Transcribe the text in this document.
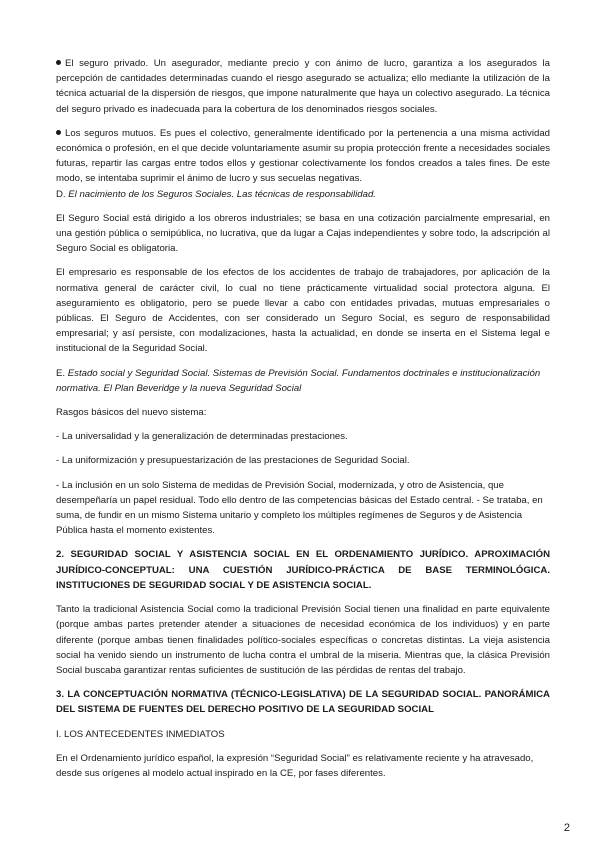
El seguro privado. Un asegurador, mediante precio y con ánimo de lucro, garantiza a los asegurados la percepción de cantidades determinadas cuando el riesgo asegurado se actualiza; ello mediante la utilización de la técnica actuarial de la dispersión de riesgos, que impone naturalmente que haya un colectivo asegurado. La técnica del seguro privado es inadecuada para la cobertura de los denominados riesgos sociales.

Los seguros mutuos. Es pues el colectivo, generalmente identificado por la pertenencia a una misma actividad económica o profesión, en el que decide voluntariamente asumir su propia protección frente a necesidades sociales futuras, repartir las cargas entre todos ellos y gestionar colectivamente los fondos creados a tales fines. De este modo, se intentaba suprimir el ánimo de lucro y sus secuelas negativas.

D. El nacimiento de los Seguros Sociales. Las técnicas de responsabilidad.

El Seguro Social está dirigido a los obreros industriales; se basa en una cotización parcialmente empresarial, en una gestión pública o semipública, no lucrativa, que da lugar a Cajas independientes y sobre todo, la adscripción al Seguro Social es obligatoria.

El empresario es responsable de los efectos de los accidentes de trabajo de trabajadores, por aplicación de la normativa general de carácter civil, lo cual no tiene prácticamente virtualidad social protectora alguna. El aseguramiento es obligatorio, pero se puede llevar a cabo con entidades privadas, mutuas empresariales o públicas. El Seguro de Accidentes, con ser considerado un Seguro Social, es seguro de responsabilidad empresarial; y así persiste, con modalizaciones, hasta la actualidad, en donde se inserta en el Sistema legal e institucional de la Seguridad Social.

E. Estado social y Seguridad Social. Sistemas de Previsión Social. Fundamentos doctrinales e institucionalización normativa. El Plan Beveridge y la nueva Seguridad Social

Rasgos básicos del nuevo sistema:

- La universalidad y la generalización de determinadas prestaciones.

- La uniformización y presupuestarización de las prestaciones de Seguridad Social.

- La inclusión en un solo Sistema de medidas de Previsión Social, modernizada, y otro de Asistencia, que desempeñaría un papel residual. Todo ello dentro de las competencias básicas del Estado central. - Se trataba, en suma, de fundir en un mismo Sistema unitario y completo los múltiples regímenes de Seguros y de Asistencia Pública hasta el momento existentes.

2. SEGURIDAD SOCIAL Y ASISTENCIA SOCIAL EN EL ORDENAMIENTO JURÍDICO. APROXIMACIÓN JURÍDICO-CONCEPTUAL: UNA CUESTIÓN JURÍDICO-PRÁCTICA DE BASE TERMINOLÓGICA. INSTITUCIONES DE SEGURIDAD SOCIAL Y DE ASISTENCIA SOCIAL.

Tanto la tradicional Asistencia Social como la tradicional Previsión Social tienen una finalidad en parte equivalente (porque ambas partes pretender atender a situaciones de necesidad económica de los individuos) y en parte diferente (porque ambas tienen finalidades político-sociales específicas o concretas distintas. La vieja asistencia social ha venido siendo un instrumento de lucha contra el umbral de la miseria. Mientras que, la clásica Previsión Social buscaba garantizar rentas suficientes de sustitución de las pérdidas de rentas del trabajo.

3. LA CONCEPTUACIÓN NORMATIVA (TÉCNICO-LEGISLATIVA) DE LA SEGURIDAD SOCIAL. PANORÁMICA DEL SISTEMA DE FUENTES DEL DERECHO POSITIVO DE LA SEGURIDAD SOCIAL

I. LOS ANTECEDENTES INMEDIATOS

En el Ordenamiento jurídico español, la expresión “Seguridad Social” es relativamente reciente y ha atravesado, desde sus orígenes al modelo actual inspirado en la CE, por fases diferentes.

2
